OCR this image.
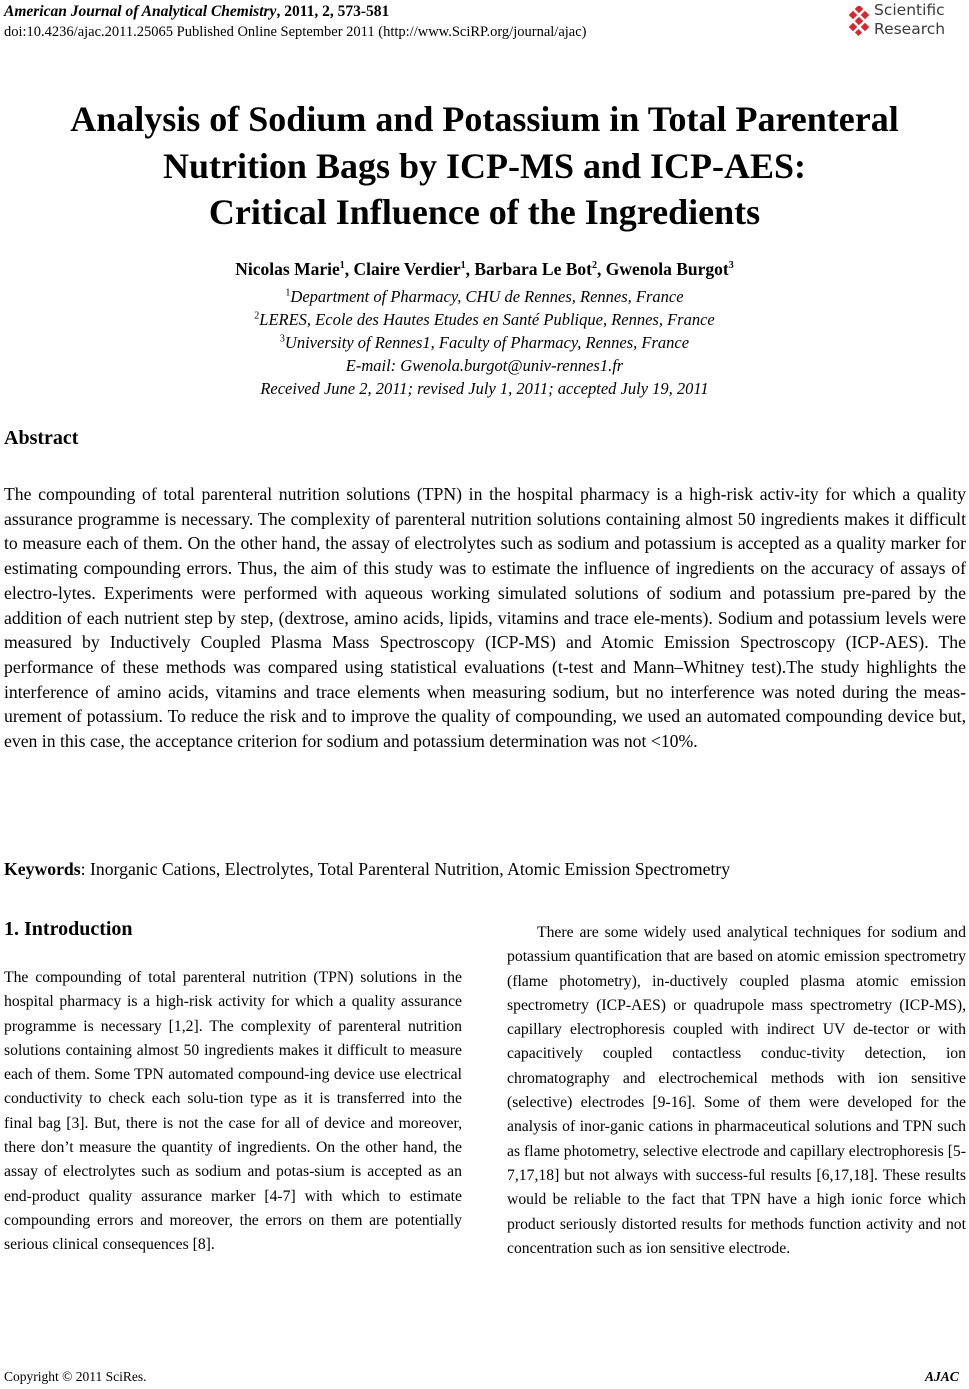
American Journal of Analytical Chemistry, 2011, 2, 573-581
doi:10.4236/ajac.2011.25065 Published Online September 2011 (http://www.SciRP.org/journal/ajac)
Scientific
Research
Analysis of Sodium and Potassium in Total Parenteral
Nutrition Bags by ICP-MS and ICP-AES:
Critical Influence of the Ingredients
Nicolas Marie$^1$, Claire Verdier$^1$, Barbara Le Bot$^2$, Gwenola Burgot$^3$
$^1$Department of Pharmacy, CHU de Rennes, Rennes, France
$^2$LERES, Ecole des Hautes Etudes en Santé Publique, Rennes, France
$^3$University of Rennes1, Faculty of Pharmacy, Rennes, France
E-mail: Gwenola.burgot@univ-rennes1.fr
Received June 2, 2011; revised July 1, 2011; accepted July 19, 2011
Abstract
The compounding of total parenteral nutrition solutions (TPN) in the hospital pharmacy is a high-risk activ-ity for which a quality assurance programme is necessary. The complexity of parenteral nutrition solutions containing almost 50 ingredients makes it difficult to measure each of them. On the other hand, the assay of electrolytes such as sodium and potassium is accepted as a quality marker for estimating compounding errors. Thus, the aim of this study was to estimate the influence of ingredients on the accuracy of assays of electro-lytes. Experiments were performed with aqueous working simulated solutions of sodium and potassium pre-pared by the addition of each nutrient step by step, (dextrose, amino acids, lipids, vitamins and trace ele-ments). Sodium and potassium levels were measured by Inductively Coupled Plasma Mass Spectroscopy (ICP-MS) and Atomic Emission Spectroscopy (ICP-AES). The performance of these methods was compared using statistical evaluations (t-test and Mann–Whitney test).The study highlights the interference of amino acids, vitamins and trace elements when measuring sodium, but no interference was noted during the meas-urement of potassium. To reduce the risk and to improve the quality of compounding, we used an automated compounding device but, even in this case, the acceptance criterion for sodium and potassium determination was not <10%.
Keywords: Inorganic Cations, Electrolytes, Total Parenteral Nutrition, Atomic Emission Spectrometry
1. Introduction
The compounding of total parenteral nutrition (TPN) solutions in the hospital pharmacy is a high-risk activity for which a quality assurance programme is necessary [1,2]. The complexity of parenteral nutrition solutions containing almost 50 ingredients makes it difficult to measure each of them. Some TPN automated compound-ing device use electrical conductivity to check each solu-tion type as it is transferred into the final bag [3]. But, there is not the case for all of device and moreover, there don’t measure the quantity of ingredients. On the other hand, the assay of electrolytes such as sodium and potas-sium is accepted as an end-product quality assurance marker [4-7] with which to estimate compounding errors and moreover, the errors on them are potentially serious clinical consequences [8].
There are some widely used analytical techniques for sodium and potassium quantification that are based on atomic emission spectrometry (flame photometry), in-ductively coupled plasma atomic emission spectrometry (ICP-AES) or quadrupole mass spectrometry (ICP-MS), capillary electrophoresis coupled with indirect UV de-tector or with capacitively coupled contactless conduc-tivity detection, ion chromatography and electrochemical methods with ion sensitive (selective) electrodes [9-16]. Some of them were developed for the analysis of inor-ganic cations in pharmaceutical solutions and TPN such as flame photometry, selective electrode and capillary electrophoresis [5-7,17,18] but not always with success-ful results [6,17,18]. These results would be reliable to the fact that TPN have a high ionic force which product seriously distorted results for methods function activity and not concentration such as ion sensitive electrode.
Copyright © 2011 SciRes.	AJAC
